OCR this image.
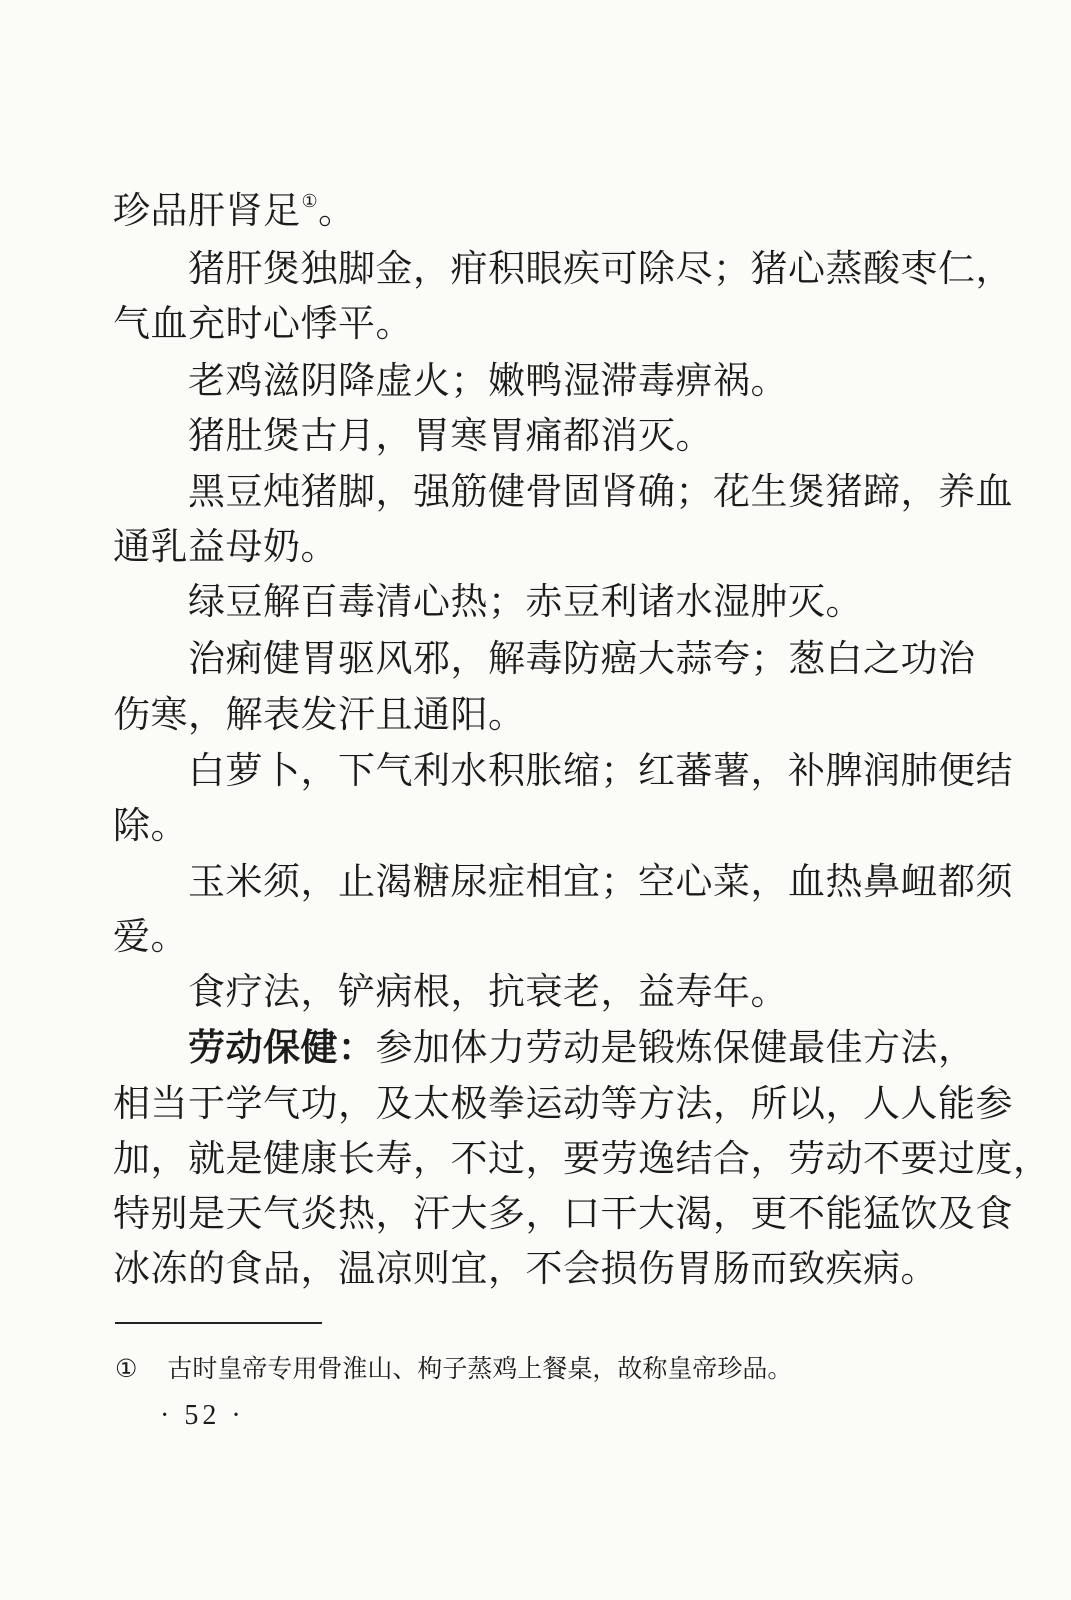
珍品肝肾足①。
猪肝煲独脚金，疳积眼疾可除尽；猪心蒸酸枣仁，
气血充时心悸平。
老鸡滋阴降虚火；嫩鸭湿滞毒痹祸。
猪肚煲古月，胃寒胃痛都消灭。
黑豆炖猪脚，强筋健骨固肾确；花生煲猪蹄，养血
通乳益母奶。
绿豆解百毒清心热；赤豆利诸水湿肿灭。
治痢健胃驱风邪，解毒防癌大蒜夸；葱白之功治
伤寒，解表发汗且通阳。
白萝卜，下气利水积胀缩；红蕃薯，补脾润肺便结
除。
玉米须，止渴糖尿症相宜；空心菜，血热鼻衄都须
爱。
食疗法，铲病根，抗衰老，益寿年。
劳动保健：参加体力劳动是锻炼保健最佳方法，
相当于学气功，及太极拳运动等方法，所以，人人能参
加，就是健康长寿，不过，要劳逸结合，劳动不要过度，
特别是天气炎热，汗大多，口干大渴，更不能猛饮及食
冰冻的食品，温凉则宜，不会损伤胃肠而致疾病。
① 古时皇帝专用骨淮山、枸子蒸鸡上餐桌，故称皇帝珍品。
· 52 ·
